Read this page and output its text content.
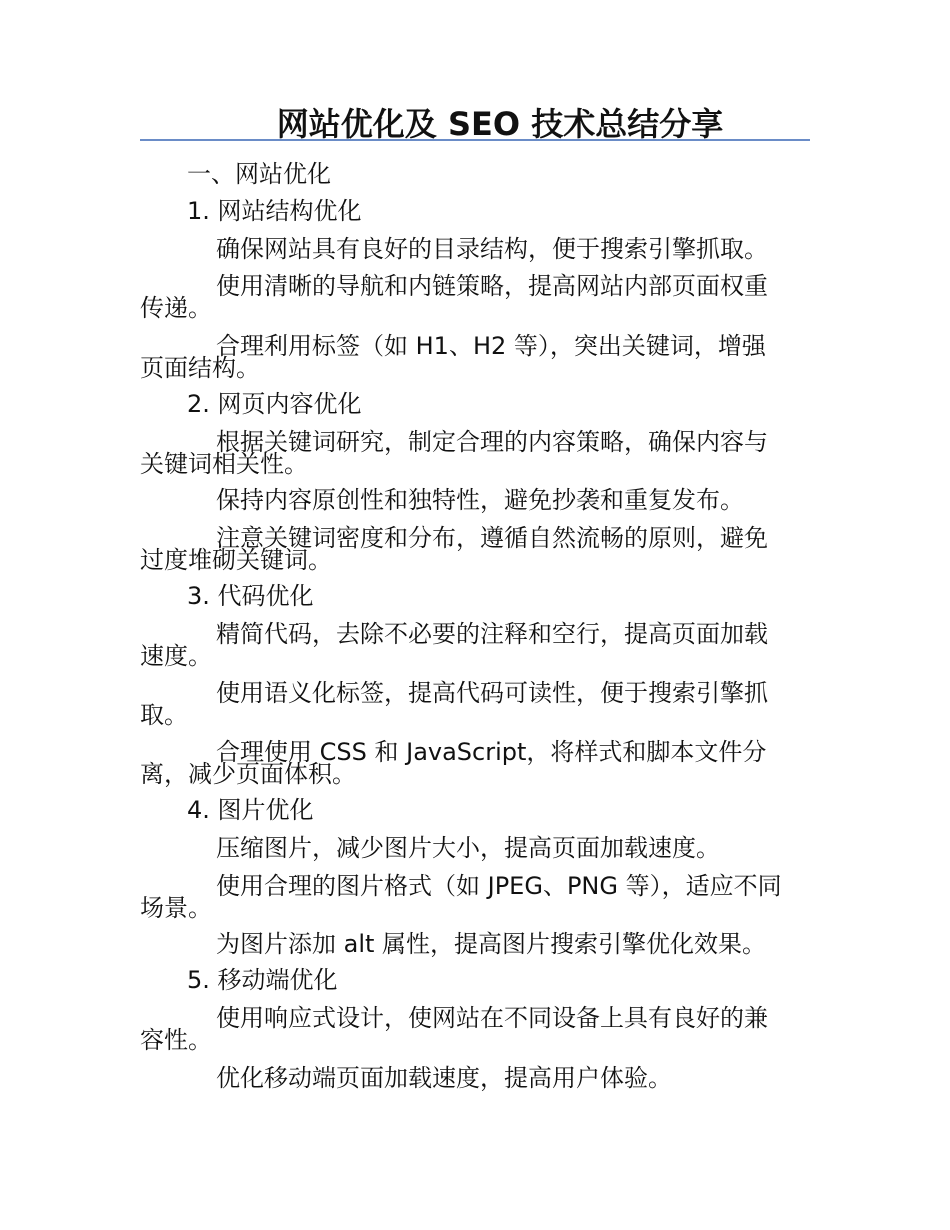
网站优化及 SEO 技术总结分享
一、网站优化
1. 网站结构优化
确保网站具有良好的目录结构，便于搜索引擎抓取。
使用清晰的导航和内链策略，提高网站内部页面权重
传递。
合理利用标签（如 H1、H2 等），突出关键词，增强
页面结构。
2. 网页内容优化
根据关键词研究，制定合理的内容策略，确保内容与
关键词相关性。
保持内容原创性和独特性，避免抄袭和重复发布。
注意关键词密度和分布，遵循自然流畅的原则，避免
过度堆砌关键词。
3. 代码优化
精简代码，去除不必要的注释和空行，提高页面加载
速度。
使用语义化标签，提高代码可读性，便于搜索引擎抓
取。
合理使用 CSS 和 JavaScript，将样式和脚本文件分
离，减少页面体积。
4. 图片优化
压缩图片，减少图片大小，提高页面加载速度。
使用合理的图片格式（如 JPEG、PNG 等），适应不同
场景。
为图片添加 alt 属性，提高图片搜索引擎优化效果。
5. 移动端优化
使用响应式设计，使网站在不同设备上具有良好的兼
容性。
优化移动端页面加载速度，提高用户体验。
